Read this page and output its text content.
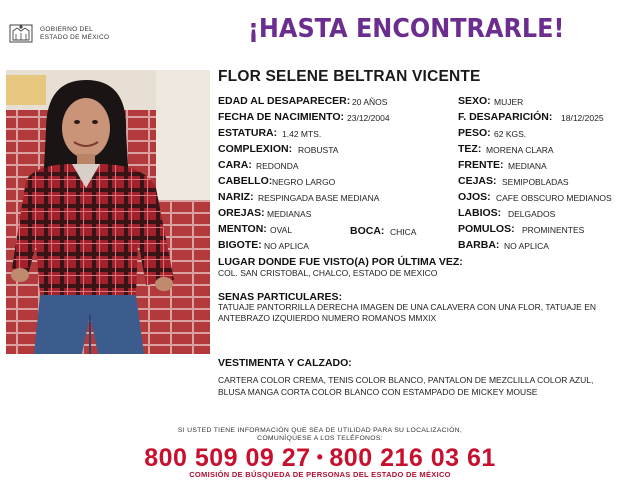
GOBIERNO DEL
ESTADO DE MÉXICO	¡HASTA ENCONTRARLE!
FLOR SELENE BELTRAN VICENTE
EDAD AL DESAPARECER: 20 AÑOS
FECHA DE NACIMIENTO: 23/12/2004
ESTATURA: 1.42 MTS.
COMPLEXION: ROBUSTA
CARA: REDONDA
CABELLO: NEGRO LARGO
NARIZ: RESPINGADA BASE MEDIANA
OREJAS: MEDIANAS
MENTON: OVAL	BOCA: CHICA
BIGOTE: NO APLICA
SEXO: MUJER
F. DESAPARICIÓN: 18/12/2025
PESO: 62 KGS.
TEZ: MORENA CLARA
FRENTE: MEDIANA
CEJAS: SEMIPOBLADAS
OJOS: CAFE OBSCURO MEDIANOS
LABIOS: DELGADOS
POMULOS: PROMINENTES
BARBA: NO APLICA
LUGAR DONDE FUE VISTO(A) POR ÚLTIMA VEZ:
COL. SAN CRISTOBAL, CHALCO, ESTADO DE MEXICO
SENAS PARTICULARES:
TATUAJE PANTORRILLA DERECHA IMAGEN DE UNA CALAVERA CON UNA FLOR, TATUAJE EN ANTEBRAZO IZQUIERDO NUMERO ROMANOS MMXIX
VESTIMENTA Y CALZADO:
CARTERA COLOR CREMA, TENIS COLOR BLANCO, PANTALON DE MEZCLILLA COLOR AZUL, BLUSA MANGA CORTA COLOR BLANCO CON ESTAMPADO DE MICKEY MOUSE
SI USTED TIENE INFORMACIÓN QUE SEA DE UTILIDAD PARA SU LOCALIZACIÓN,
COMUNÍQUESE A LOS TELÉFONOS:
800 509 09 27 • 800 216 03 61
COMISIÓN DE BÚSQUEDA DE PERSONAS DEL ESTADO DE MÉXICO
